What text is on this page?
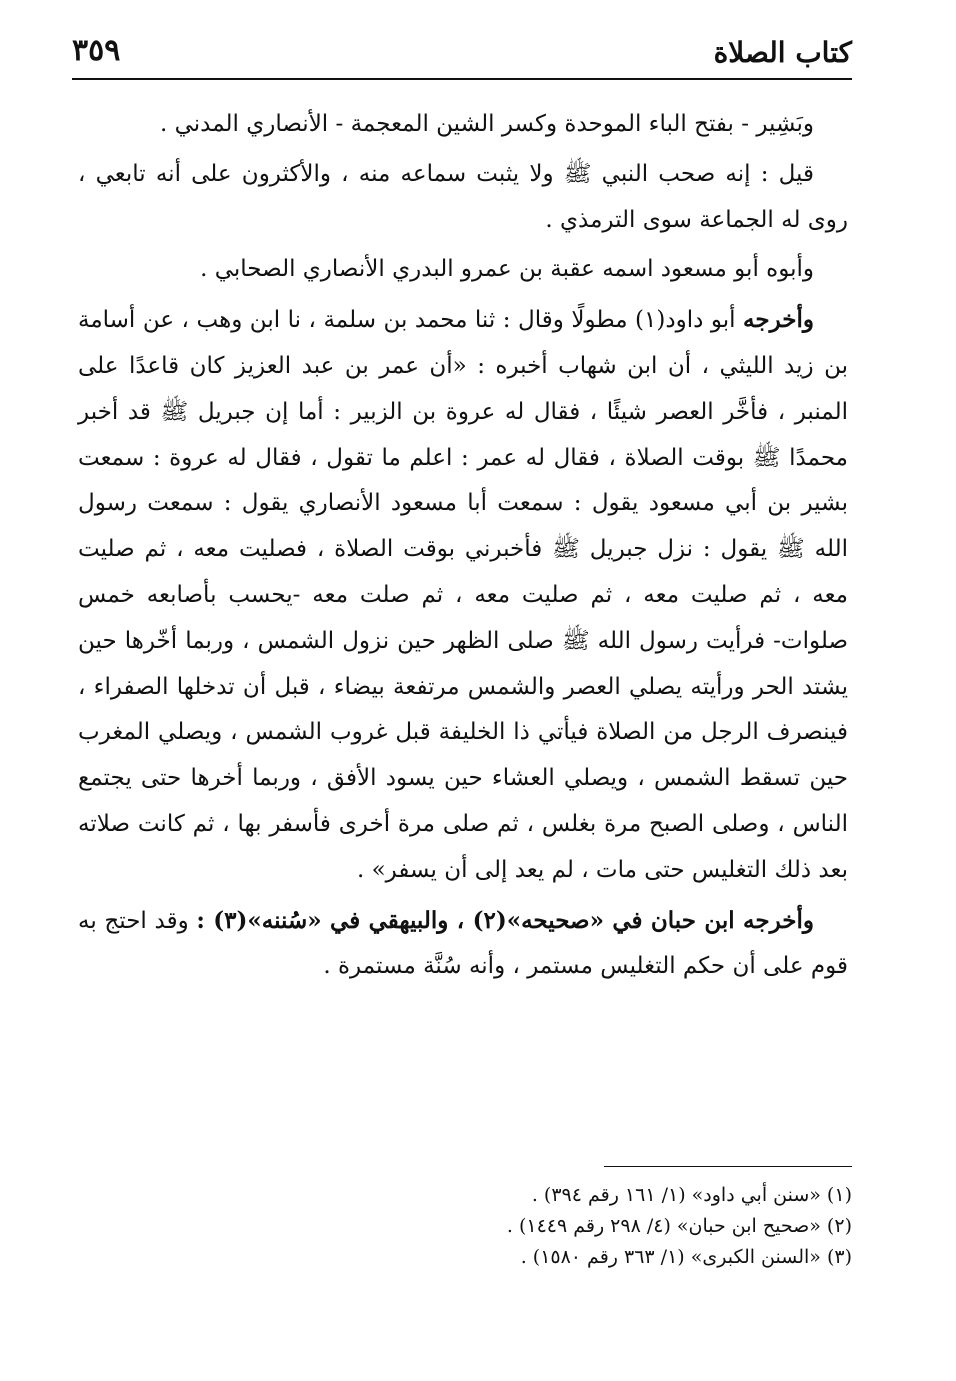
كتاب الصلاة
٣٥٩

وبَشِير - بفتح الباء الموحدة وكسر الشين المعجمة - الأنصاري المدني .

قيل : إنه صحب النبي ﷺ ولا يثبت سماعه منه ، والأكثرون على أنه تابعي ، روى له الجماعة سوى الترمذي .

وأبوه أبو مسعود اسمه عقبة بن عمرو البدري الأنصاري الصحابي .

وأخرجه أبو داود(١) مطولًا وقال : ثنا محمد بن سلمة ، نا ابن وهب ، عن أسامة بن زيد الليثي ، أن ابن شهاب أخبره : «أن عمر بن عبد العزيز كان قاعدًا على المنبر ، فأخَّر العصر شيئًا ، فقال له عروة بن الزبير : أما إن جبريل ﷺ قد أخبر محمدًا ﷺ بوقت الصلاة ، فقال له عمر : اعلم ما تقول ، فقال له عروة : سمعت بشير بن أبي مسعود يقول : سمعت أبا مسعود الأنصاري يقول : سمعت رسول الله ﷺ يقول : نزل جبريل ﷺ فأخبرني بوقت الصلاة ، فصليت معه ، ثم صليت معه ، ثم صليت معه ، ثم صليت معه ، ثم صلت معه -يحسب بأصابعه خمس صلوات- فرأيت رسول الله ﷺ صلى الظهر حين نزول الشمس ، وربما أخّرها حين يشتد الحر ورأيته يصلي العصر والشمس مرتفعة بيضاء ، قبل أن تدخلها الصفراء ، فينصرف الرجل من الصلاة فيأتي ذا الخليفة قبل غروب الشمس ، ويصلي المغرب حين تسقط الشمس ، ويصلي العشاء حين يسود الأفق ، وربما أخرها حتى يجتمع الناس ، وصلى الصبح مرة بغلس ، ثم صلى مرة أخرى فأسفر بها ، ثم كانت صلاته بعد ذلك التغليس حتى مات ، لم يعد إلى أن يسفر» .

وأخرجه ابن حبان في «صحيحه»(٢) ، والبيهقي في «سُننه»(٣) : وقد احتج به قوم على أن حكم التغليس مستمر ، وأنه سُنَّة مستمرة .

(١) «سنن أبي داود» (١/ ١٦١ رقم ٣٩٤) .

(٢) «صحيح ابن حبان» (٤/ ٢٩٨ رقم ١٤٤٩) .

(٣) «السنن الكبرى» (١/ ٣٦٣ رقم ١٥٨٠) .
